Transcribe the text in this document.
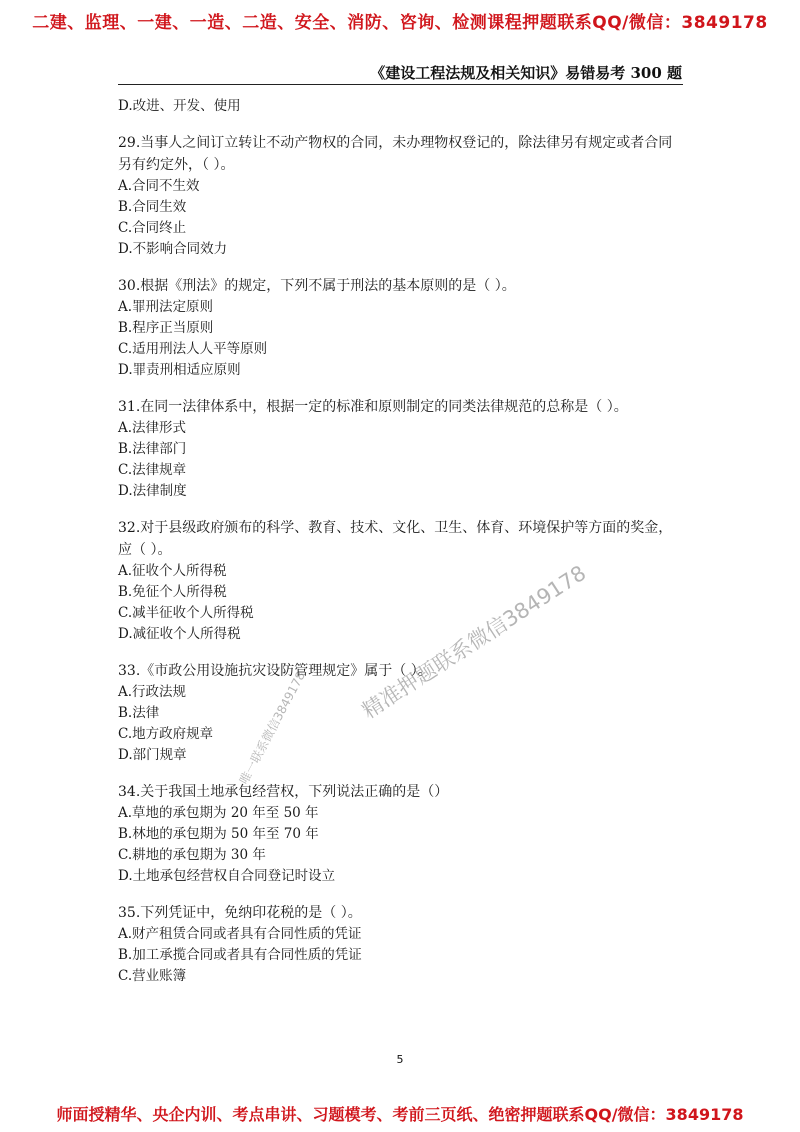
二建、监理、一建、一造、二造、安全、消防、咨询、检测课程押题联系QQ/微信：3849178
《建设工程法规及相关知识》易错易考 300 题
D.改进、开发、使用
29.当事人之间订立转让不动产物权的合同，未办理物权登记的，除法律另有规定或者合同
另有约定外，（ ）。
A.合同不生效
B.合同生效
C.合同终止
D.不影响合同效力
30.根据《刑法》的规定，下列不属于刑法的基本原则的是（ ）。
A.罪刑法定原则
B.程序正当原则
C.适用刑法人人平等原则
D.罪责刑相适应原则
31.在同一法律体系中，根据一定的标准和原则制定的同类法律规范的总称是（ ）。
A.法律形式
B.法律部门
C.法律规章
D.法律制度
32.对于县级政府颁布的科学、教育、技术、文化、卫生、体育、环境保护等方面的奖金，
应（ ）。
A.征收个人所得税
B.免征个人所得税
C.减半征收个人所得税
D.减征收个人所得税
33.《市政公用设施抗灾设防管理规定》属于（ ）。
A.行政法规
B.法律
C.地方政府规章
D.部门规章
34.关于我国土地承包经营权，下列说法正确的是（）
A.草地的承包期为 20 年至 50 年
B.林地的承包期为 50 年至 70 年
C.耕地的承包期为 30 年
D.土地承包经营权自合同登记时设立
35.下列凭证中，免纳印花税的是（ ）。
A.财产租赁合同或者具有合同性质的凭证
B.加工承揽合同或者具有合同性质的凭证
C.营业账簿
精准押题联系微信3849178
唯一联系微信3849178
5
师面授精华、央企内训、考点串讲、习题模考、考前三页纸、绝密押题联系QQ/微信：3849178
